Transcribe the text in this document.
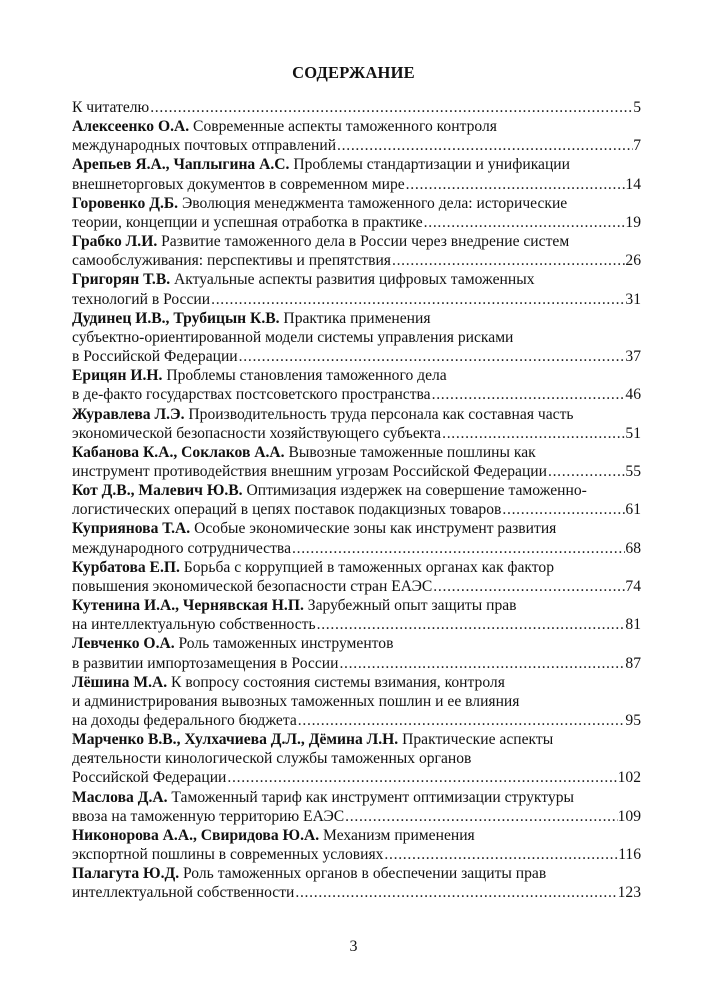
СОДЕРЖАНИЕ
К читателю . . .	5
Алексеенко О.А. Современные аспекты таможенного контроля
международных почтовых отправлений . . .	7
Арепьев Я.А., Чаплыгина А.С. Проблемы стандартизации и унификации
внешнеторговых документов в современном мире . . .	14
Горовенко Д.Б. Эволюция менеджмента таможенного дела: исторические
теории, концепции и успешная отработка в практике . . .	19
Грабко Л.И. Развитие таможенного дела в России через внедрение систем
самообслуживания: перспективы и препятствия . . .	26
Григорян Т.В. Актуальные аспекты развития цифровых таможенных
технологий в России . . .	31
Дудинец И.В., Трубицын К.В. Практика применения
субъектно-ориентированной модели системы управления рисками
в Российской Федерации . . .	37
Ерицян И.Н. Проблемы становления таможенного дела
в де-факто государствах постсоветского пространства . . .	46
Журавлева Л.Э. Производительность труда персонала как составная часть
экономической безопасности хозяйствующего субъекта . . .	51
Кабанова К.А., Соклаков А.А. Вывозные таможенные пошлины как
инструмент противодействия внешним угрозам Российской Федерации . . .	55
Кот Д.В., Малевич Ю.В. Оптимизация издержек на совершение таможенно-
логистических операций в цепях поставок подакцизных товаров . . .	61
Куприянова Т.А. Особые экономические зоны как инструмент развития
международного сотрудничества . . .	68
Курбатова Е.П. Борьба с коррупцией в таможенных органах как фактор
повышения экономической безопасности стран ЕАЭС . . .	74
Кутенина И.А., Чернявская Н.П. Зарубежный опыт защиты прав
на интеллектуальную собственность . . .	81
Левченко О.А. Роль таможенных инструментов
в развитии импортозамещения в России . . .	87
Лёшина М.А. К вопросу состояния системы взимания, контроля
и администрирования вывозных таможенных пошлин и ее влияния
на доходы федерального бюджета . . .	95
Марченко В.В., Хулхачиева Д.Л., Дёмина Л.Н. Практические аспекты
деятельности кинологической службы таможенных органов
Российской Федерации . . .	102
Маслова Д.А. Таможенный тариф как инструмент оптимизации структуры
ввоза на таможенную территорию ЕАЭС . . .	109
Никонорова А.А., Свиридова Ю.А. Механизм применения
экспортной пошлины в современных условиях . . .	116
Палагута Ю.Д. Роль таможенных органов в обеспечении защиты прав
интеллектуальной собственности . . .	123
3
